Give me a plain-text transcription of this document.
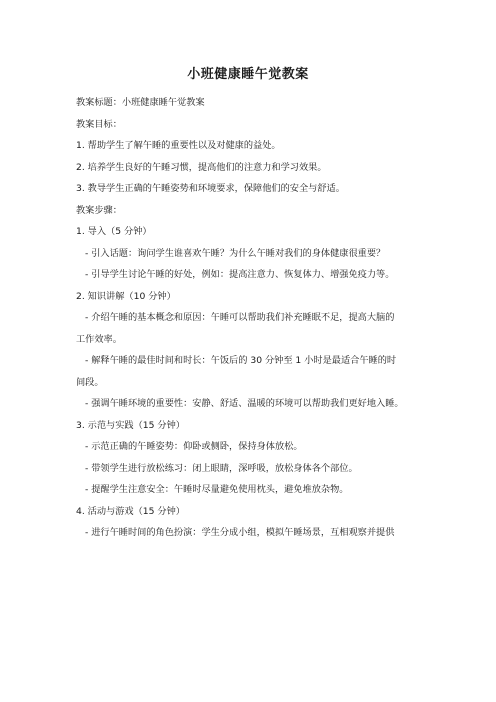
小班健康睡午觉教案
教案标题：小班健康睡午觉教案
教案目标：
1. 帮助学生了解午睡的重要性以及对健康的益处。
2. 培养学生良好的午睡习惯，提高他们的注意力和学习效果。
3. 教导学生正确的午睡姿势和环境要求，保障他们的安全与舒适。
教案步骤：
1. 导入（5 分钟）
- 引入话题：询问学生谁喜欢午睡？为什么午睡对我们的身体健康很重要？
- 引导学生讨论午睡的好处，例如：提高注意力、恢复体力、增强免疫力等。
2. 知识讲解（10 分钟）
- 介绍午睡的基本概念和原因：午睡可以帮助我们补充睡眠不足，提高大脑的
工作效率。
- 解释午睡的最佳时间和时长：午饭后的 30 分钟至 1 小时是最适合午睡的时
间段。
- 强调午睡环境的重要性：安静、舒适、温暖的环境可以帮助我们更好地入睡。
3. 示范与实践（15 分钟）
- 示范正确的午睡姿势：仰卧或侧卧，保持身体放松。
- 带领学生进行放松练习：闭上眼睛，深呼吸，放松身体各个部位。
- 提醒学生注意安全：午睡时尽量避免使用枕头，避免堆放杂物。
4. 活动与游戏（15 分钟）
- 进行午睡时间的角色扮演：学生分成小组，模拟午睡场景，互相观察并提供
